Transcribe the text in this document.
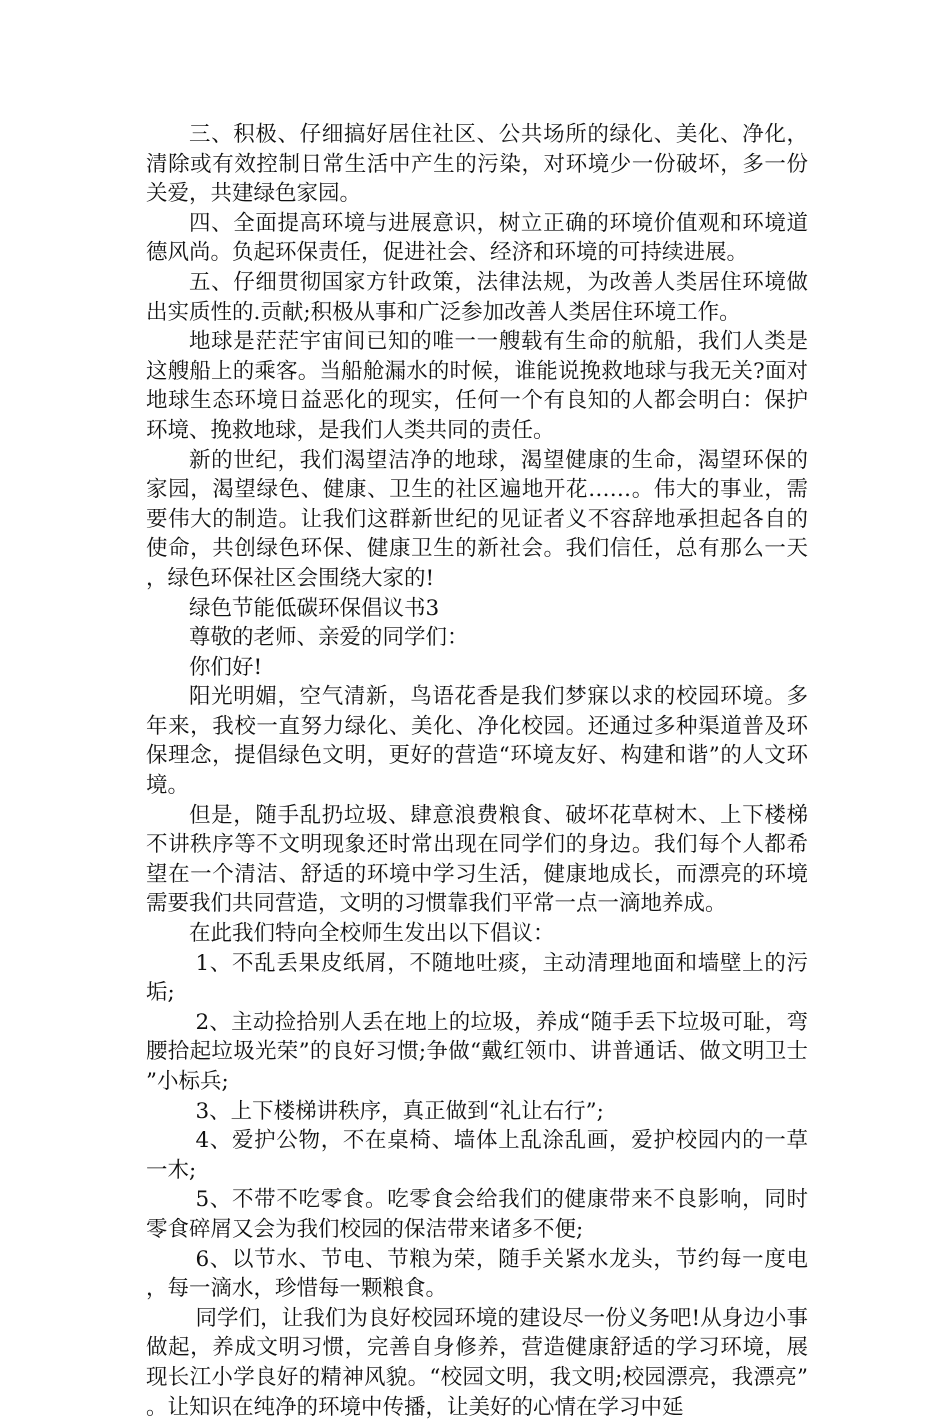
三、积极、仔细搞好居住社区、公共场所的绿化、美化、净化，清除或有效控制日常生活中产生的污染，对环境少一份破坏，多一份关爱，共建绿色家园。

四、全面提高环境与进展意识，树立正确的环境价值观和环境道德风尚。负起环保责任，促进社会、经济和环境的可持续进展。

五、仔细贯彻国家方针政策，法律法规，为改善人类居住环境做出实质性的.贡献;积极从事和广泛参加改善人类居住环境工作。

地球是茫茫宇宙间已知的唯一一艘载有生命的航船，我们人类是这艘船上的乘客。当船舱漏水的时候，谁能说挽救地球与我无关?面对地球生态环境日益恶化的现实，任何一个有良知的人都会明白：保护环境、挽救地球，是我们人类共同的责任。

新的世纪，我们渴望洁净的地球，渴望健康的生命，渴望环保的家园，渴望绿色、健康、卫生的社区遍地开花……。伟大的事业，需要伟大的制造。让我们这群新世纪的见证者义不容辞地承担起各自的使命，共创绿色环保、健康卫生的新社会。我们信任，总有那么一天，绿色环保社区会围绕大家的!

绿色节能低碳环保倡议书3

尊敬的老师、亲爱的同学们：

你们好!

阳光明媚，空气清新，鸟语花香是我们梦寐以求的校园环境。多年来，我校一直努力绿化、美化、净化校园。还通过多种渠道普及环保理念，提倡绿色文明，更好的营造“环境友好、构建和谐”的人文环境。

但是，随手乱扔垃圾、肆意浪费粮食、破坏花草树木、上下楼梯不讲秩序等不文明现象还时常出现在同学们的身边。我们每个人都希望在一个清洁、舒适的环境中学习生活，健康地成长，而漂亮的环境需要我们共同营造，文明的习惯靠我们平常一点一滴地养成。

在此我们特向全校师生发出以下倡议：

1、不乱丢果皮纸屑，不随地吐痰，主动清理地面和墙壁上的污垢;

2、主动捡拾别人丢在地上的垃圾，养成“随手丢下垃圾可耻，弯腰拾起垃圾光荣”的良好习惯;争做“戴红领巾、讲普通话、做文明卫士”小标兵;

3、上下楼梯讲秩序，真正做到“礼让右行”;

4、爱护公物，不在桌椅、墙体上乱涂乱画，爱护校园内的一草一木;

5、不带不吃零食。吃零食会给我们的健康带来不良影响，同时零食碎屑又会为我们校园的保洁带来诸多不便;

6、以节水、节电、节粮为荣，随手关紧水龙头，节约每一度电，每一滴水，珍惜每一颗粮食。

同学们，让我们为良好校园环境的建设尽一份义务吧!从身边小事做起，养成文明习惯，完善自身修养，营造健康舒适的学习环境，展现长江小学良好的精神风貌。“校园文明，我文明;校园漂亮，我漂亮”。让知识在纯净的环境中传播，让美好的心情在学习中延
